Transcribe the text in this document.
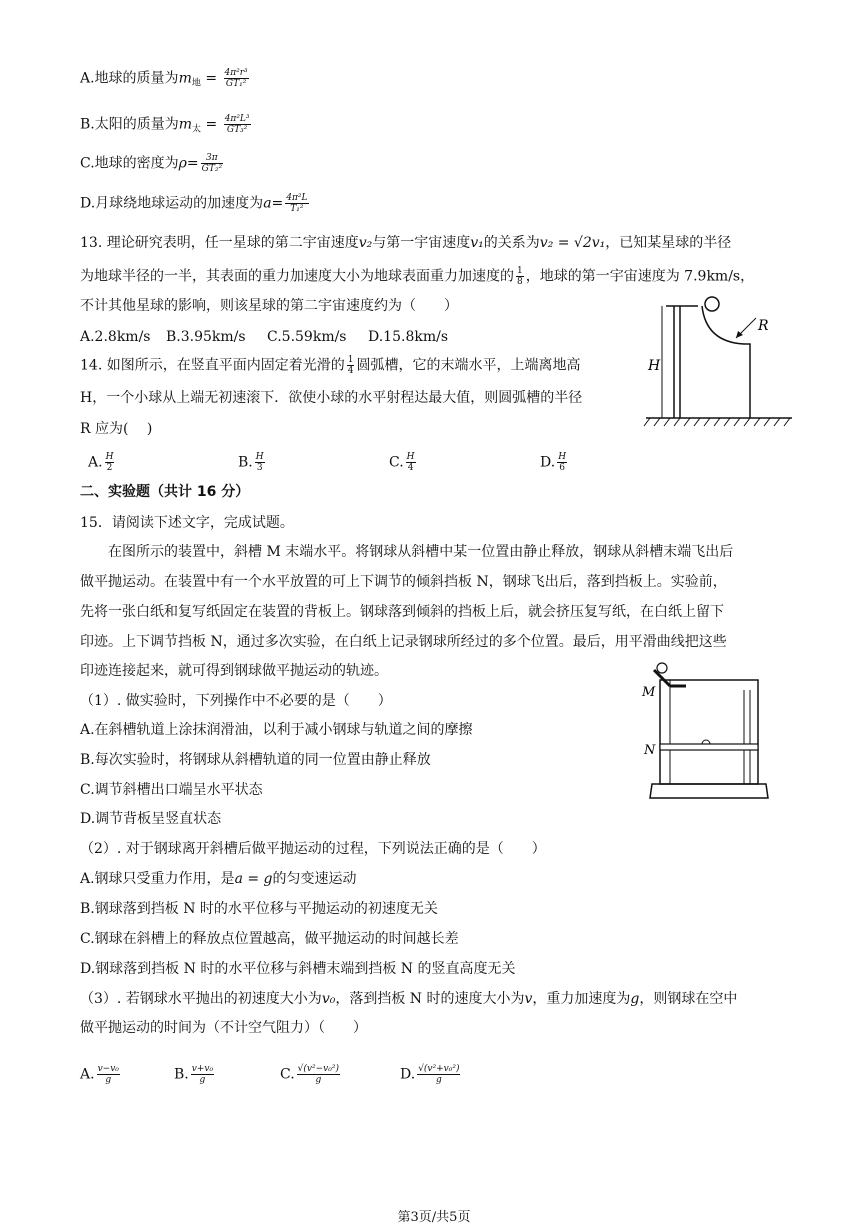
A.地球的质量为$m_地 = \frac{\text{4π²r³}}{\text{GT₁²}}$
B.太阳的质量为$m_太 = \frac{\text{4π²L³}}{\text{GT₃²}}$
C.地球的密度为$\rho= \frac{3\pi}{\text{GT₂²}}$
D.月球绕地球运动的加速度为$a= \frac{\text{4π²L}}{\text{T₁²}}$
13. 理论研究表明，任一星球的第二宇宙速度v₂与第一宇宙速度v₁的关系为v₂ = √2v₁，已知某星球的半径
为地球半径的一半，其表面的重力加速度大小为地球表面重力加速度的 $\frac{1}{8}$ ，地球的第一宇宙速度为 7.9km/s，
不计其他星球的影响，则该星球的第二宇宙速度约为（　　）
A.2.8km/s B.3.95km/s C.5.59km/s D.15.8km/s
14. 如图所示，在竖直平面内固定着光滑的 $\frac{1}{4}$ 圆弧槽，它的末端水平，上端离地高
H，一个小球从上端无初速滚下．欲使小球的水平射程达最大值，则圆弧槽的半径
R 应为(　 )
A. $\frac{H}{2}$	B. $\frac{H}{3}$	C. $\frac{H}{4}$	D. $\frac{H}{6}$
R
H
二、实验题（共计 16 分）
15．请阅读下述文字，完成试题。
在图所示的装置中，斜槽 M 末端水平。将钢球从斜槽中某一位置由静止释放，钢球从斜槽末端飞出后
做平抛运动。在装置中有一个水平放置的可上下调节的倾斜挡板 N，钢球飞出后，落到挡板上。实验前，
先将一张白纸和复写纸固定在装置的背板上。钢球落到倾斜的挡板上后，就会挤压复写纸，在白纸上留下
印迹。上下调节挡板 N，通过多次实验，在白纸上记录钢球所经过的多个位置。最后，用平滑曲线把这些
印迹连接起来，就可得到钢球做平抛运动的轨迹。
（1）. 做实验时，下列操作中不必要的是（　　）
A.在斜槽轨道上涂抹润滑油，以利于减小钢球与轨道之间的摩擦
B.每次实验时，将钢球从斜槽轨道的同一位置由静止释放
C.调节斜槽出口端呈水平状态
D.调节背板呈竖直状态
M
N
（2）. 对于钢球离开斜槽后做平抛运动的过程，下列说法正确的是（　　）
A.钢球只受重力作用，是a = g的匀变速运动
B.钢球落到挡板 N 时的水平位移与平抛运动的初速度无关
C.钢球在斜槽上的释放点位置越高，做平抛运动的时间越长差
D.钢球落到挡板 N 时的水平位移与斜槽末端到挡板 N 的竖直高度无关
（3）. 若钢球水平抛出的初速度大小为v₀，落到挡板 N 时的速度大小为v，重力加速度为g，则钢球在空中
做平抛运动的时间为（不计空气阻力）（　　）
A. $\frac{\text{v−v₀}}{g}$	B. $\frac{\text{v+v₀}}{g}$	C. $\frac{\text{√(v²−v₀²)}}{g}$	D. $\frac{\text{√(v²+v₀²)}}{g}$
第3页/共5页
